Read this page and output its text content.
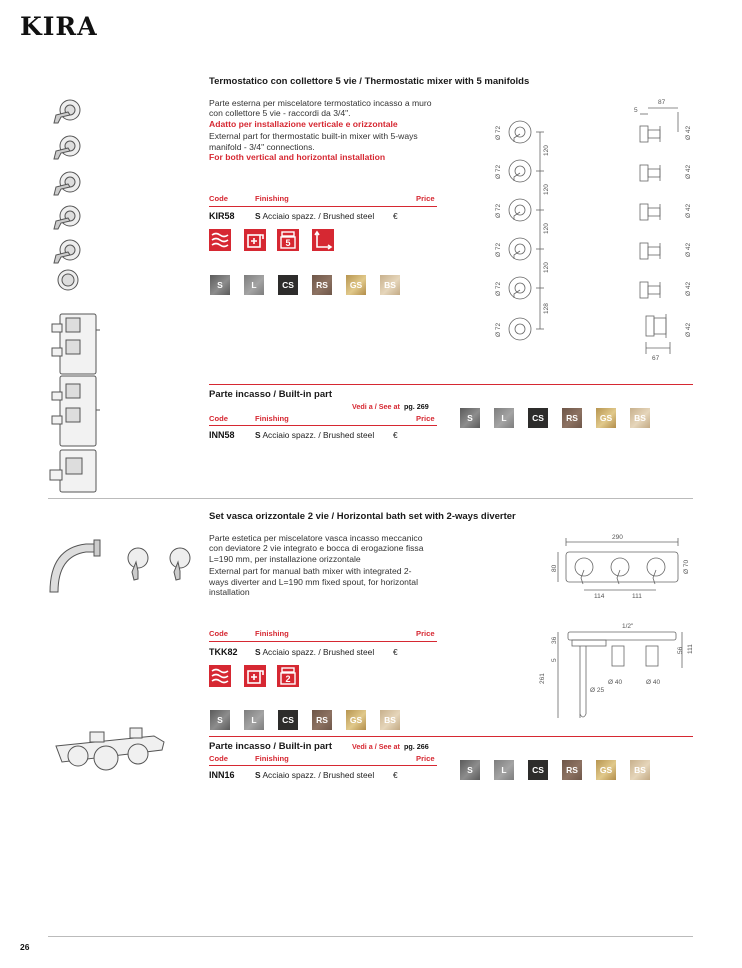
KIRA
Termostatico con collettore 5 vie / Thermostatic mixer with 5 manifolds
Parte esterna per miscelatore termostatico incasso a muro con collettore 5 vie - raccordi da 3/4".
Adatto per installazione verticale e orizzontale
External part for thermostatic built-in mixer with 5-ways manifold - 3/4" connections.
For both vertical and horizontal installation
Code	Finishing	Price
KIR58 S Acciaio spazz. / Brushed steel €
5
S	L	CS	RS	GS	BS
Parte incasso / Built-in part
Vedi a / See at pg. 269
Code	Finishing	Price
INN58 S Acciaio spazz. / Brushed steel €
S	L	CS	RS	GS	BS
Set vasca orizzontale 2 vie / Horizontal bath set with 2-ways diverter
Parte estetica per miscelatore vasca incasso meccanico con deviatore 2 vie integrato e bocca di erogazione fissa L=190 mm, per installazione orizzontale
External part for manual bath mixer with integrated 2-ways diverter and L=190 mm fixed spout, for horizontal installation
Code	Finishing	Price
TKK82 S Acciaio spazz. / Brushed steel €
2
S	L	CS	RS	GS	BS
Parte incasso / Built-in part	Vedi a / See at pg. 266
Code	Finishing	Price
INN16 S Acciaio spazz. / Brushed steel €	S	L	CS	RS	GS	BS
Ø 72
Ø 72
Ø 72
Ø 72
Ø 72
Ø 72
120
120
120
120
128
5
87
Ø 42
Ø 42
Ø 42
Ø 42
Ø 42
Ø 42
67
290
80	Ø 70
114	111
1/2"
36
5
261
56 111
Ø 25
Ø 40	Ø 40
26
